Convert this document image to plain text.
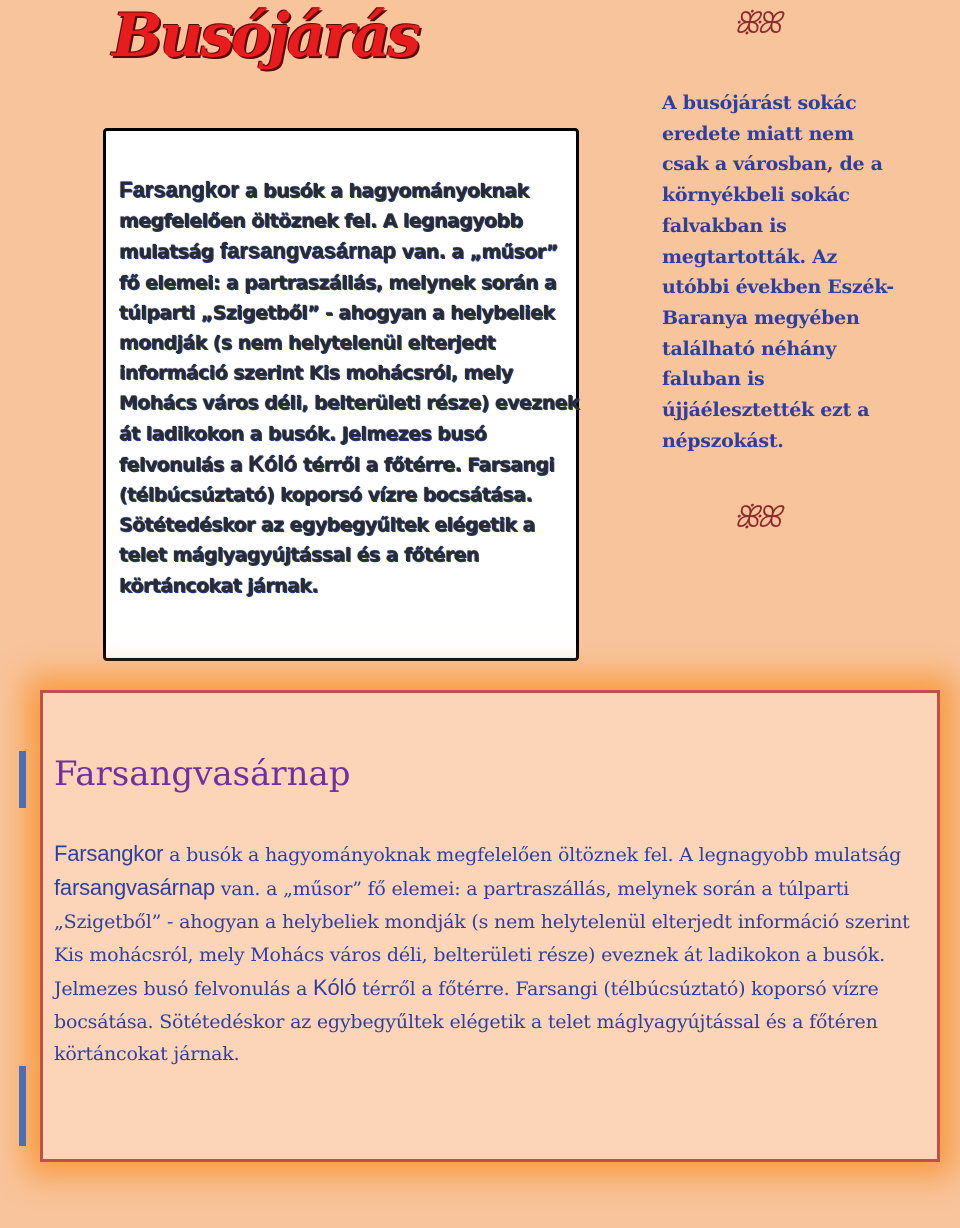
Busójárás	ꕥꕤ

Farsangkor a busók a hagyományoknak megfelelően öltöznek fel. A legnagyobb mulatság farsangvasárnap van. a „műsor” fő elemei: a partraszállás, melynek során a túlparti „Szigetből” - ahogyan a helybeliek mondják (s nem helytelenül elterjedt információ szerint Kis mohácsról, mely Mohács város déli, belterületi része) eveznek át ladikokon a busók. Jelmezes busó felvonulás a Kóló térről a főtérre. Farsangi (télbúcsúztató) koporsó vízre bocsátása. Sötétedéskor az egybegyűltek elégetik a telet máglyagyújtással és a főtéren körtáncokat járnak.

A busójárást sokác eredete miatt nem csak a városban, de a környékbeli sokác falvakban is megtartották. Az utóbbi években Eszék-Baranya megyében található néhány faluban is újjáélesztették ezt a népszokást.

ꕥꕤ
Farsangvasárnap

Farsangkor a busók a hagyományoknak megfelelően öltöznek fel. A legnagyobb mulatság farsangvasárnap van. a „műsor” fő elemei: a partraszállás, melynek során a túlparti „Szigetből” - ahogyan a helybeliek mondják (s nem helytelenül elterjedt információ szerint Kis mohácsról, mely Mohács város déli, belterületi része) eveznek át ladikokon a busók. Jelmezes busó felvonulás a Kóló térről a főtérre. Farsangi (télbúcsúztató) koporsó vízre bocsátása. Sötétedéskor az egybegyűltek elégetik a telet máglyagyújtással és a főtéren körtáncokat járnak.
